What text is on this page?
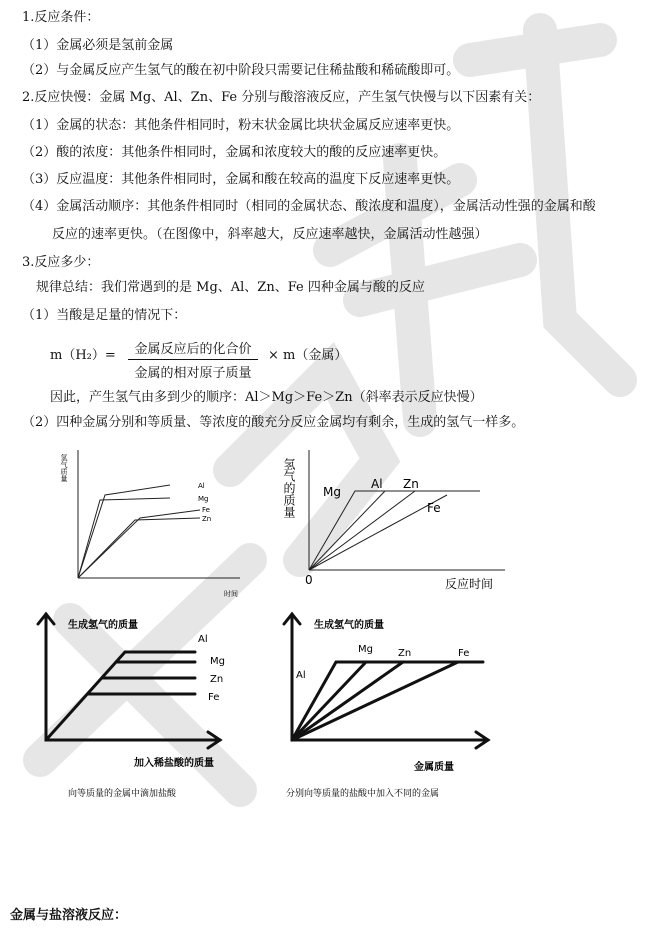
1.反应条件：
（1）金属必须是氢前金属
（2）与金属反应产生氢气的酸在初中阶段只需要记住稀盐酸和稀硫酸即可。
2.反应快慢：金属 Mg、Al、Zn、Fe 分别与酸溶液反应，产生氢气快慢与以下因素有关：
（1）金属的状态：其他条件相同时，粉末状金属比块状金属反应速率更快。
（2）酸的浓度：其他条件相同时，金属和浓度较大的酸的反应速率更快。
（3）反应温度：其他条件相同时，金属和酸在较高的温度下反应速率更快。
（4）金属活动顺序：其他条件相同时（相同的金属状态、酸浓度和温度），金属活动性强的金属和酸
反应的速率更快。（在图像中，斜率越大，反应速率越快，金属活动性越强）
3.反应多少：
规律总结：我们常遇到的是 Mg、Al、Zn、Fe 四种金属与酸的反应
（1）当酸是足量的情况下：
m（H₂）=	金属反应后的化合价
金属的相对原子质量
× m（金属）
因此，产生氢气由多到少的顺序：Al＞Mg＞Fe＞Zn（斜率表示反应快慢）
（2）四种金属分别和等质量、等浓度的酸充分反应金属均有剩余，生成的氢气一样多。
氢气质量
时间
Al
Mg
Fe
Zn
氢气的质量
0	反应时间
Mg
Al Zn
Fe
生成氢气的质量
Al
Mg
Zn
Fe
加入稀盐酸的质量
向等质量的金属中滴加盐酸
生成氢气的质量
Al
Mg	Zn	Fe
金属质量
分别向等质量的盐酸中加入不同的金属
金属与盐溶液反应：
